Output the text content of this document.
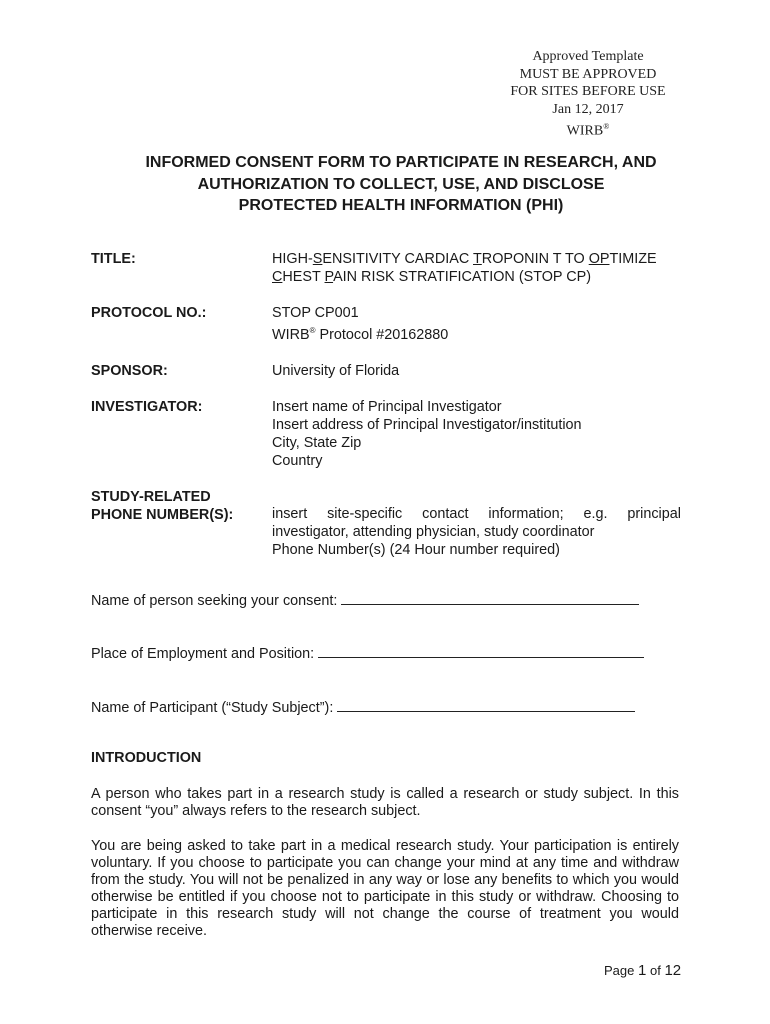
Approved Template
MUST BE APPROVED
FOR SITES BEFORE USE
Jan 12, 2017
WIRB®
INFORMED CONSENT FORM TO PARTICIPATE IN RESEARCH, AND
AUTHORIZATION TO COLLECT, USE, AND DISCLOSE
PROTECTED HEALTH INFORMATION (PHI)
TITLE:	HIGH-SENSITIVITY CARDIAC TROPONIN T TO OPTIMIZE
CHEST PAIN RISK STRATIFICATION (STOP CP)
PROTOCOL NO.:	STOP CP001
WIRB® Protocol #20162880
SPONSOR:	University of Florida
INVESTIGATOR:	Insert name of Principal Investigator
Insert address of Principal Investigator/institution
City, State Zip
Country
STUDY-RELATED
PHONE NUMBER(S):	insert site-specific contact information; e.g. principal
investigator, attending physician, study coordinator
Phone Number(s) (24 Hour number required)
Name of person seeking your consent:
Place of Employment and Position:
Name of Participant (“Study Subject”):
INTRODUCTION
A person who takes part in a research study is called a research or study subject. In this consent “you” always refers to the research subject.
You are being asked to take part in a medical research study. Your participation is entirely voluntary. If you choose to participate you can change your mind at any time and withdraw from the study. You will not be penalized in any way or lose any benefits to which you would otherwise be entitled if you choose not to participate in this study or withdraw. Choosing to participate in this research study will not change the course of treatment you would otherwise receive.
Page 1 of 12
